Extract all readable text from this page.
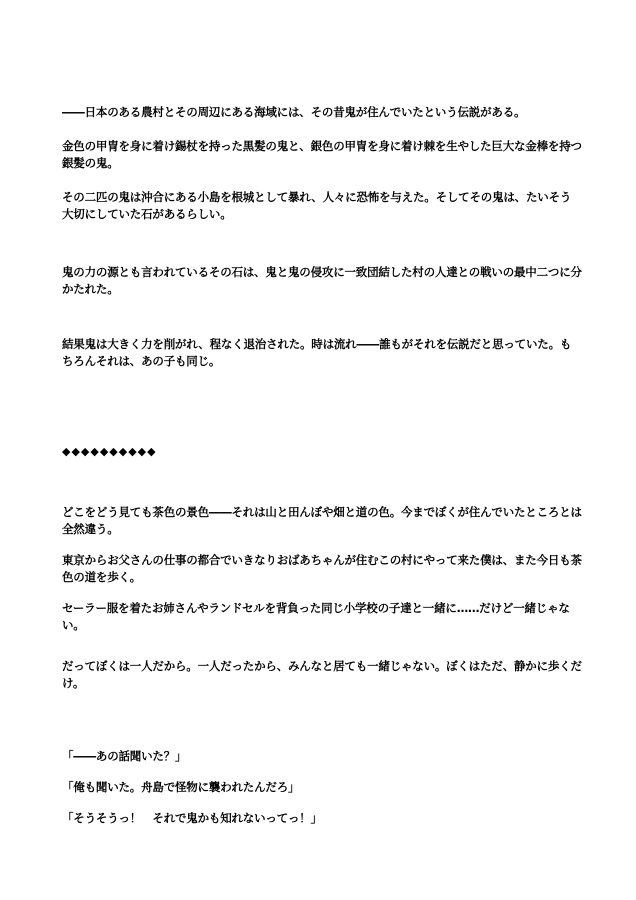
――日本のある農村とその周辺にある海域には、その昔鬼が住んでいたという伝説がある。
金色の甲冑を身に着け錫杖を持った黒髪の鬼と、銀色の甲冑を身に着け棘を生やした巨大な金棒を持つ銀髪の鬼。
その二匹の鬼は沖合にある小島を根城として暴れ、人々に恐怖を与えた。そしてその鬼は、たいそう大切にしていた石があるらしい。
鬼の力の源とも言われているその石は、鬼と鬼の侵攻に一致団結した村の人達との戦いの最中二つに分かたれた。
結果鬼は大きく力を削がれ、程なく退治された。時は流れ――誰もがそれを伝説だと思っていた。もちろんそれは、あの子も同じ。
◆◆◆◆◆◆◆◆◆◆
どこをどう見ても茶色の景色――それは山と田んぼや畑と道の色。今までぼくが住んでいたところとは全然違う。
東京からお父さんの仕事の都合でいきなりおばあちゃんが住むこの村にやって来た僕は、また今日も茶色の道を歩く。
セーラー服を着たお姉さんやランドセルを背負った同じ小学校の子達と一緒に……だけど一緒じゃない。
だってぼくは一人だから。一人だったから、みんなと居ても一緒じゃない。ぼくはただ、静かに歩くだけ。
「――あの話聞いた？」
「俺も聞いた。舟島で怪物に襲われたんだろ」
「そうそうっ！　それで鬼かも知れないってっ！」
